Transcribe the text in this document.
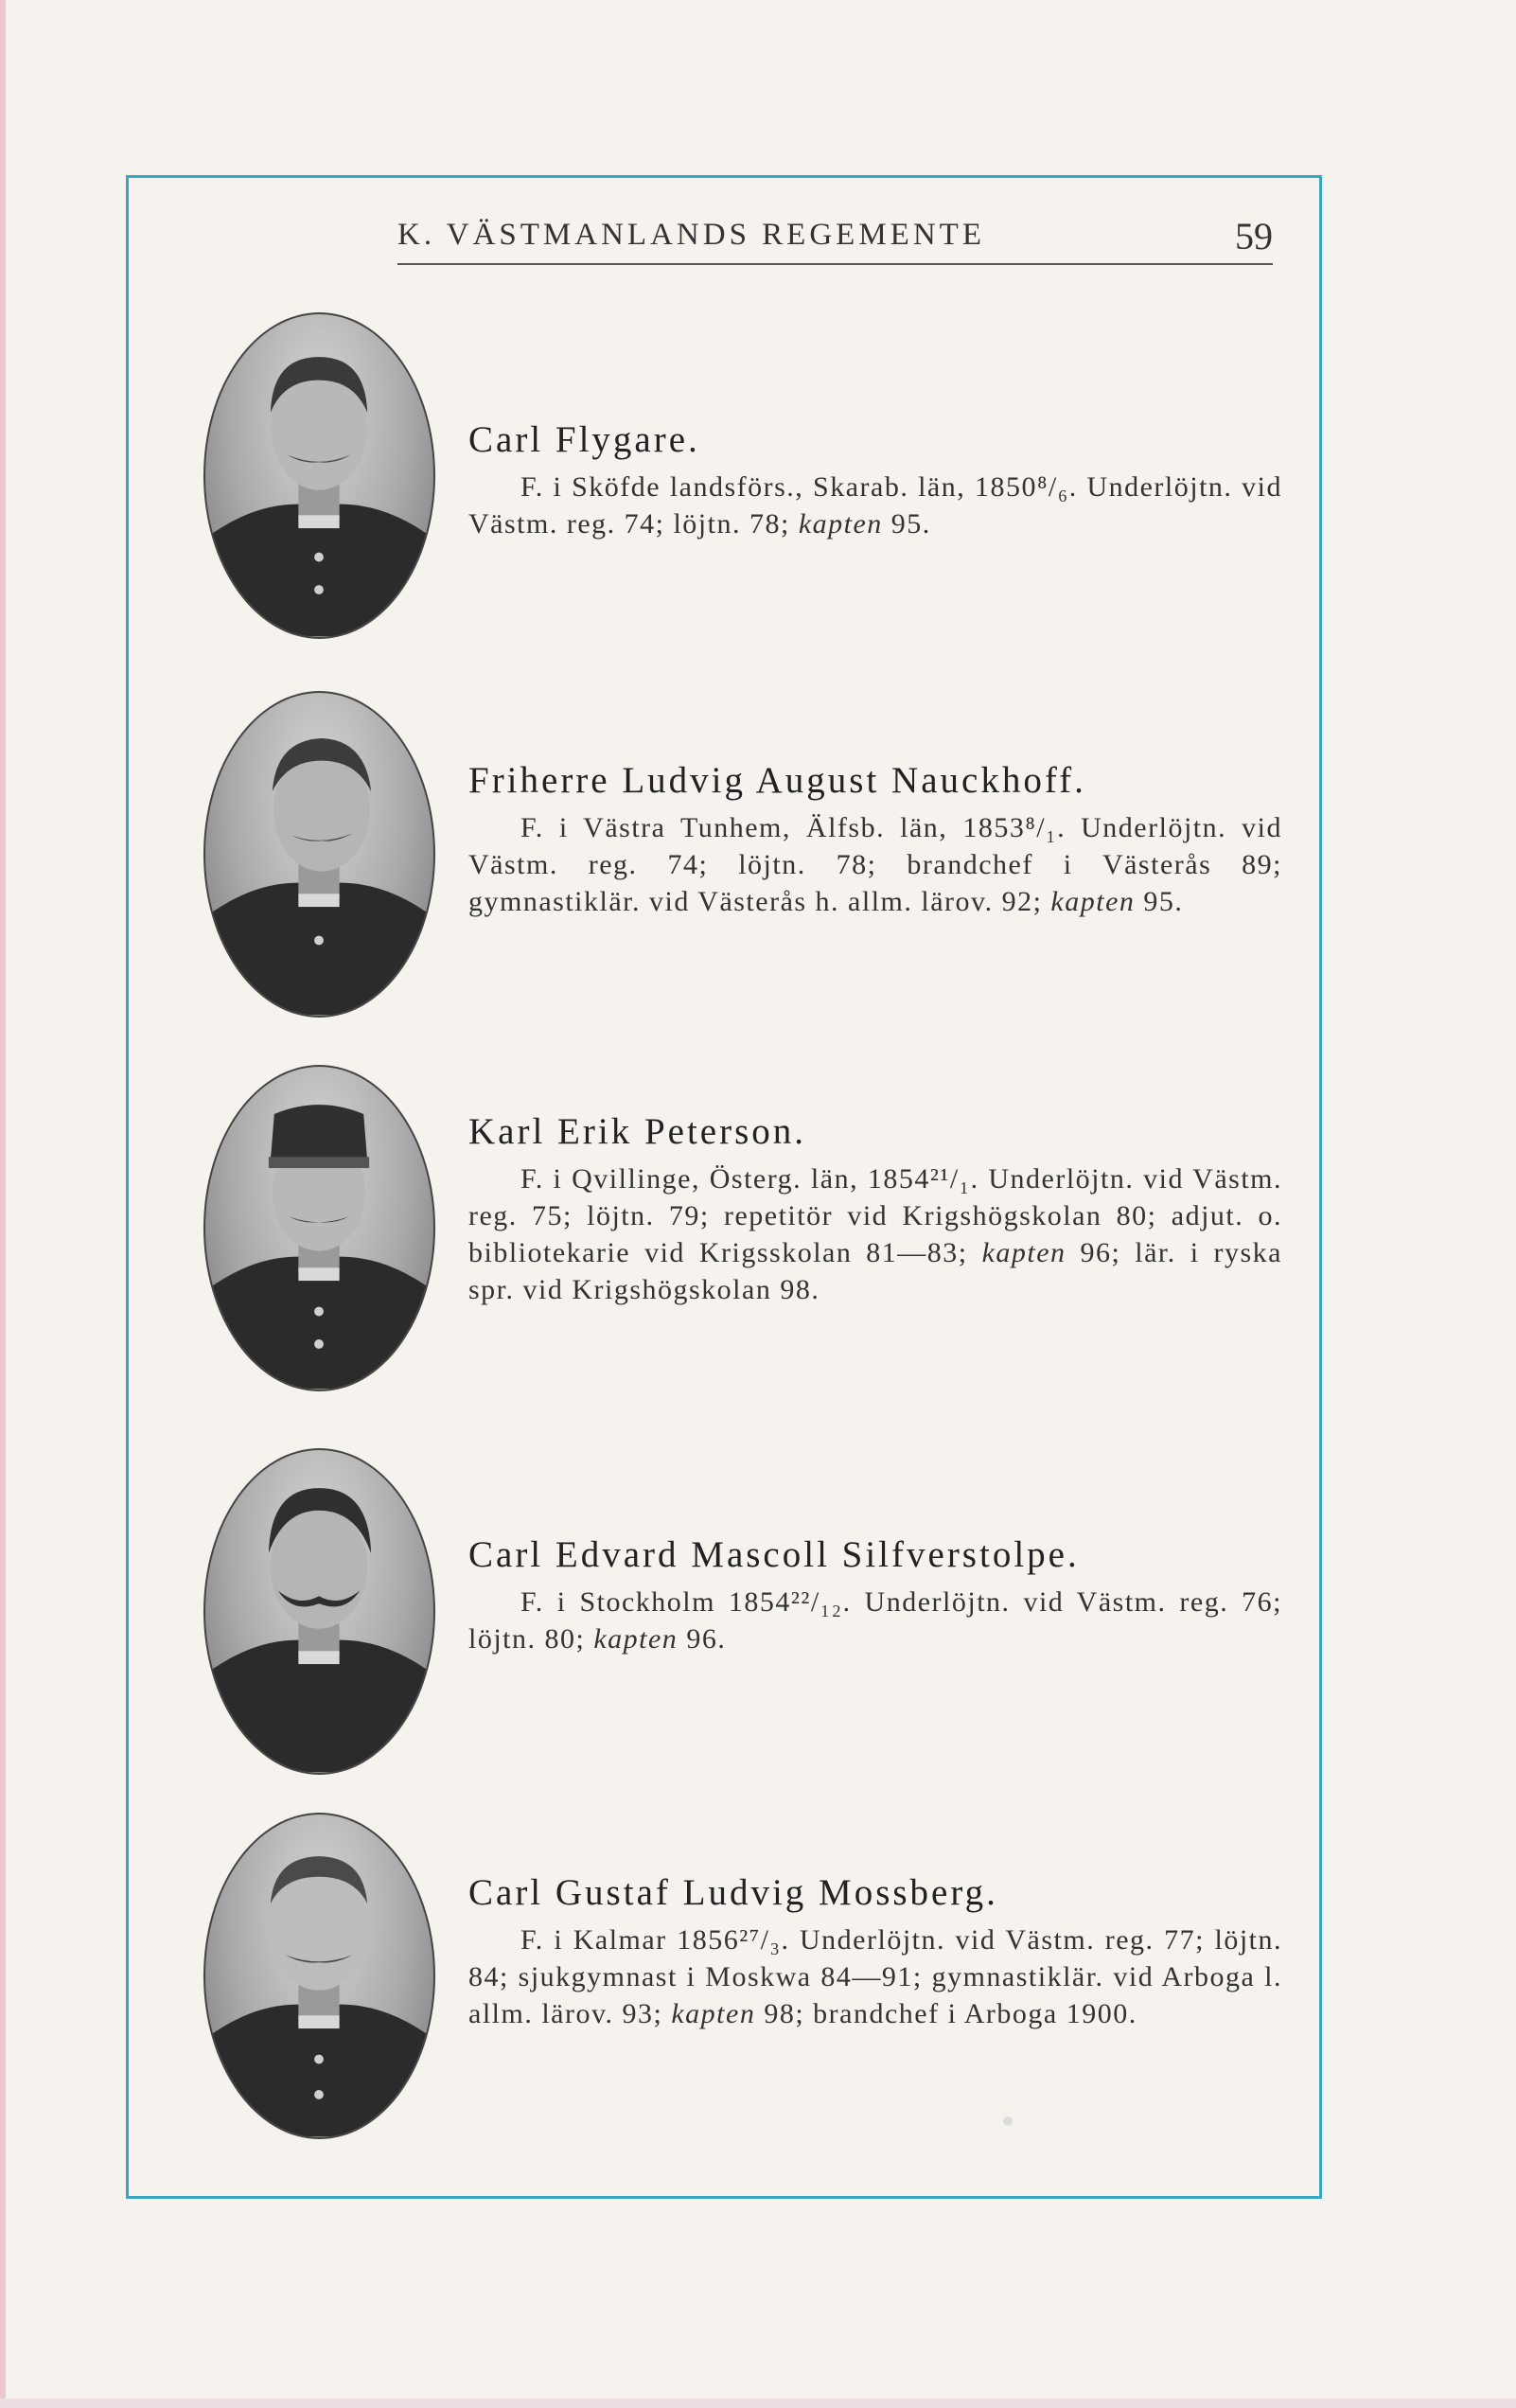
K. VÄSTMANLANDS REGEMENTE	59
Carl Flygare.

F. i Sköfde landsförs., Skarab. län, 1850⁸/₆. Underlöjtn. vid Västm. reg. 74; löjtn. 78; kapten 95.

Friherre Ludvig August Nauckhoff.

F. i Västra Tunhem, Älfsb. län, 1853⁸/₁. Underlöjtn. vid Västm. reg. 74; löjtn. 78; brandchef i Västerås 89; gymnastiklär. vid Västerås h. allm. lärov. 92; kapten 95.

Karl Erik Peterson.

F. i Qvillinge, Österg. län, 1854²¹/₁. Underlöjtn. vid Västm. reg. 75; löjtn. 79; repetitör vid Krigshögskolan 80; adjut. o. bibliotekarie vid Krigsskolan 81—83; kapten 96; lär. i ryska spr. vid Krigshögskolan 98.

Carl Edvard Mascoll Silfverstolpe.

F. i Stockholm 1854²²/₁₂. Underlöjtn. vid Västm. reg. 76; löjtn. 80; kapten 96.

Carl Gustaf Ludvig Mossberg.

F. i Kalmar 1856²⁷/₃. Underlöjtn. vid Västm. reg. 77; löjtn. 84; sjukgymnast i Moskwa 84—91; gymnastiklär. vid Arboga l. allm. lärov. 93; kapten 98; brandchef i Arboga 1900.
